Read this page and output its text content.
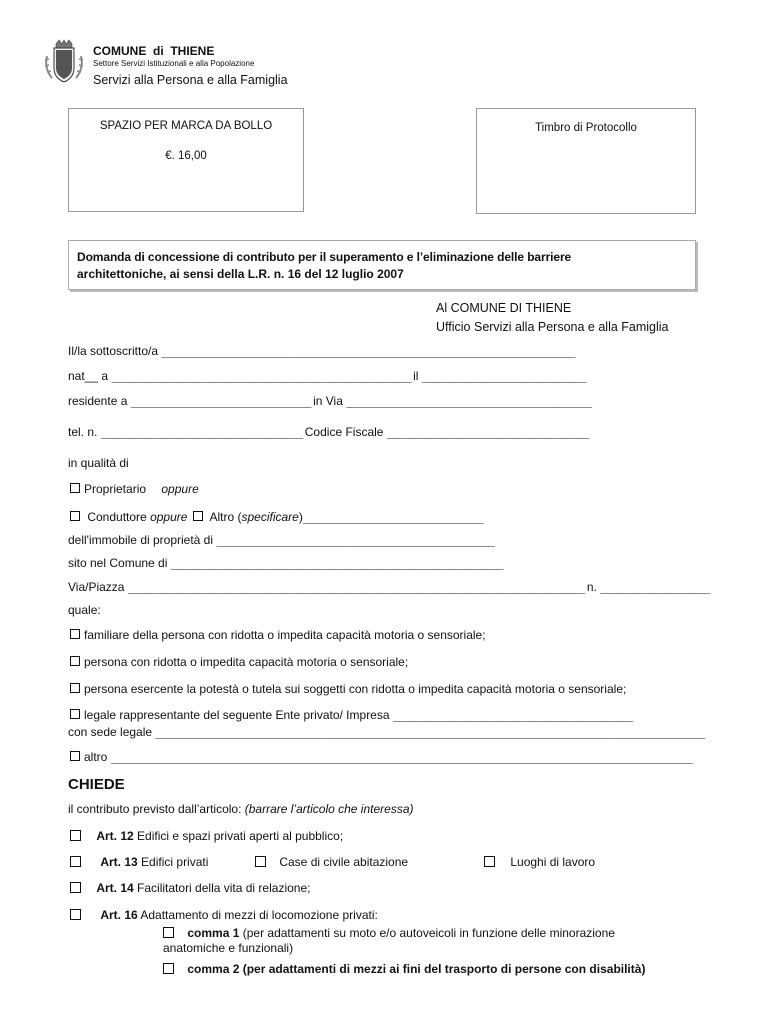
COMUNE  di  THIENE
Settore Servizi Istituzionali e alla Popolazione
Servizi alla Persona e alla Famiglia
SPAZIO PER MARCA DA BOLLO
€. 16,00
Timbro di Protocollo
Domanda di concessione di contributo per il superamento e l’eliminazione delle barriere
architettoniche, ai sensi della L.R. n. 16 del 12 luglio 2007
Al COMUNE DI THIENE
Ufficio Servizi alla Persona e alla Famiglia
Il/la sottoscritto/a ____________________________________________________________________________
nat__ a _______________________________________________________ il ______________________________
residente a _________________________________ in Via _____________________________________________
tel. n. _____________________________________ Codice Fiscale _____________________________________
in qualità di
Proprietario oppure
Conduttore oppure Altro (specificare)_________________________________
dell'immobile di proprietà di ___________________________________________________
sito nel Comune di _____________________________________________________________
Via/Piazza ____________________________________________________________________________________ n. ____________________
quale:
familiare della persona con ridotta o impedita capacità motoria o sensoriale;
persona con ridotta o impedita capacità motoria o sensoriale;
persona esercente la potestà o tutela sui soggetti con ridotta o impedita capacità motoria o sensoriale;
legale rappresentante del seguente Ente privato/ Impresa ____________________________________________
con sede legale _____________________________________________________________________________________________________
altro ___________________________________________________________________________________________________________
CHIEDE
il contributo previsto dall’articolo: (barrare l’articolo che interessa)
Art. 12 Edifici e spazi privati aperti al pubblico;
Art. 13 Edifici privati	Case di civile abitazione	Luoghi di lavoro
Art. 14 Facilitatori della vita di relazione;
Art. 16 Adattamento di mezzi di locomozione privati:
comma 1 (per adattamenti su moto e/o autoveicoli in funzione delle minorazione
anatomiche e funzionali)
comma 2 (per adattamenti di mezzi ai fini del trasporto di persone con disabilità)
